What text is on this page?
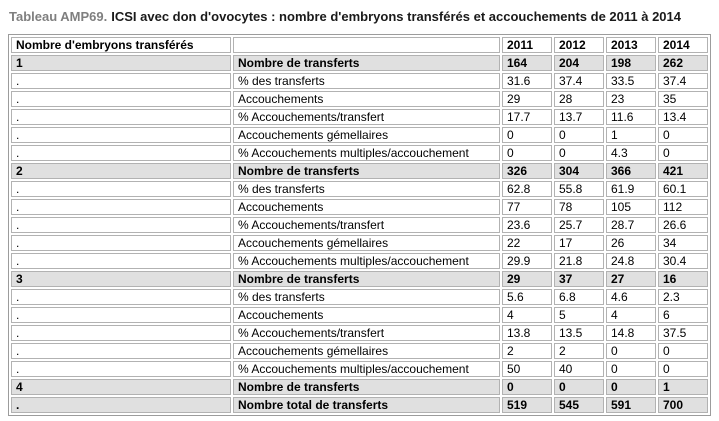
Tableau AMP69. ICSI avec don d'ovocytes : nombre d'embryons transférés et accouchements de 2011 à 2014
Nombre d'embryons transférés		2011	2012	2013	2014
1	Nombre de transferts	164	204	198	262
.	% des transferts	31.6	37.4	33.5	37.4
.	Accouchements	29	28	23	35
.	% Accouchements/transfert	17.7	13.7	11.6	13.4
.	Accouchements gémellaires	0	0	1	0
.	% Accouchements multiples/accouchement	0	0	4.3	0
2	Nombre de transferts	326	304	366	421
.	% des transferts	62.8	55.8	61.9	60.1
.	Accouchements	77	78	105	112
.	% Accouchements/transfert	23.6	25.7	28.7	26.6
.	Accouchements gémellaires	22	17	26	34
.	% Accouchements multiples/accouchement	29.9	21.8	24.8	30.4
3	Nombre de transferts	29	37	27	16
.	% des transferts	5.6	6.8	4.6	2.3
.	Accouchements	4	5	4	6
.	% Accouchements/transfert	13.8	13.5	14.8	37.5
.	Accouchements gémellaires	2	2	0	0
.	% Accouchements multiples/accouchement	50	40	0	0
4	Nombre de transferts	0	0	0	1
.	Nombre total de transferts	519	545	591	700
